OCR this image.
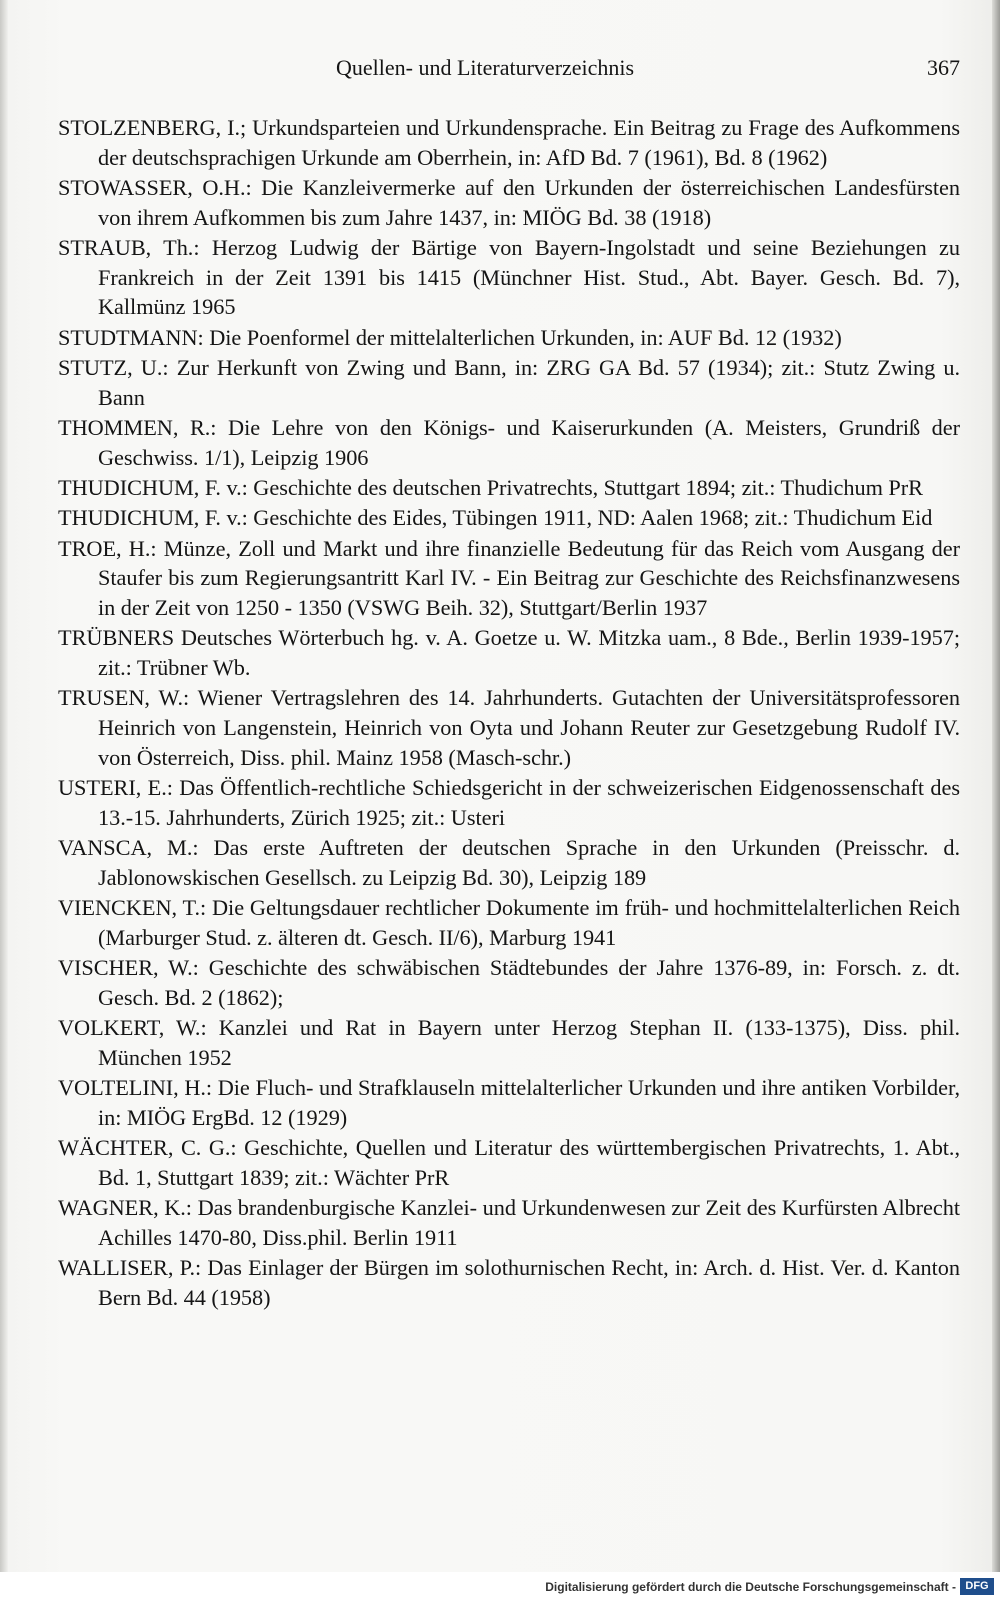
Quellen- und Literaturverzeichnis	367

STOLZENBERG, I.; Urkundsparteien und Urkundensprache. Ein Beitrag zu Frage des Aufkommens der deutschsprachigen Urkunde am Oberrhein, in: AfD Bd. 7 (1961), Bd. 8 (1962)

STOWASSER, O.H.: Die Kanzleivermerke auf den Urkunden der österreichischen Landesfürsten von ihrem Aufkommen bis zum Jahre 1437, in: MIÖG Bd. 38 (1918)

STRAUB, Th.: Herzog Ludwig der Bärtige von Bayern-Ingolstadt und seine Beziehungen zu Frankreich in der Zeit 1391 bis 1415 (Münchner Hist. Stud., Abt. Bayer. Gesch. Bd. 7), Kallmünz 1965

STUDTMANN: Die Poenformel der mittelalterlichen Urkunden, in: AUF Bd. 12 (1932)

STUTZ, U.: Zur Herkunft von Zwing und Bann, in: ZRG GA Bd. 57 (1934); zit.: Stutz Zwing u. Bann

THOMMEN, R.: Die Lehre von den Königs- und Kaiserurkunden (A. Meisters, Grundriß der Geschwiss. 1/1), Leipzig 1906

THUDICHUM, F. v.: Geschichte des deutschen Privatrechts, Stuttgart 1894; zit.: Thudichum PrR

THUDICHUM, F. v.: Geschichte des Eides, Tübingen 1911, ND: Aalen 1968; zit.: Thudichum Eid

TROE, H.: Münze, Zoll und Markt und ihre finanzielle Bedeutung für das Reich vom Ausgang der Staufer bis zum Regierungsantritt Karl IV. - Ein Beitrag zur Geschichte des Reichsfinanzwesens in der Zeit von 1250 - 1350 (VSWG Beih. 32), Stuttgart/Berlin 1937

TRÜBNERS Deutsches Wörterbuch hg. v. A. Goetze u. W. Mitzka uam., 8 Bde., Berlin 1939-1957; zit.: Trübner Wb.

TRUSEN, W.: Wiener Vertragslehren des 14. Jahrhunderts. Gutachten der Universitätsprofessoren Heinrich von Langenstein, Heinrich von Oyta und Johann Reuter zur Gesetzgebung Rudolf IV. von Österreich, Diss. phil. Mainz 1958 (Masch-schr.)

USTERI, E.: Das Öffentlich-rechtliche Schiedsgericht in der schweizerischen Eidgenossenschaft des 13.-15. Jahrhunderts, Zürich 1925; zit.: Usteri

VANSCA, M.: Das erste Auftreten der deutschen Sprache in den Urkunden (Preisschr. d. Jablonowskischen Gesellsch. zu Leipzig Bd. 30), Leipzig 189

VIENCKEN, T.: Die Geltungsdauer rechtlicher Dokumente im früh- und hochmittelalterlichen Reich (Marburger Stud. z. älteren dt. Gesch. II/6), Marburg 1941

VISCHER, W.: Geschichte des schwäbischen Städtebundes der Jahre 1376-89, in: Forsch. z. dt. Gesch. Bd. 2 (1862);

VOLKERT, W.: Kanzlei und Rat in Bayern unter Herzog Stephan II. (133-1375), Diss. phil. München 1952

VOLTELINI, H.: Die Fluch- und Strafklauseln mittelalterlicher Urkunden und ihre antiken Vorbilder, in: MIÖG ErgBd. 12 (1929)

WÄCHTER, C. G.: Geschichte, Quellen und Literatur des württembergischen Privatrechts, 1. Abt., Bd. 1, Stuttgart 1839; zit.: Wächter PrR

WAGNER, K.: Das brandenburgische Kanzlei- und Urkundenwesen zur Zeit des Kurfürsten Albrecht Achilles 1470-80, Diss.phil. Berlin 1911

WALLISER, P.: Das Einlager der Bürgen im solothurnischen Recht, in: Arch. d. Hist. Ver. d. Kanton Bern Bd. 44 (1958)

Digitalisierung gefördert durch die Deutsche Forschungsgemeinschaft - DFG
